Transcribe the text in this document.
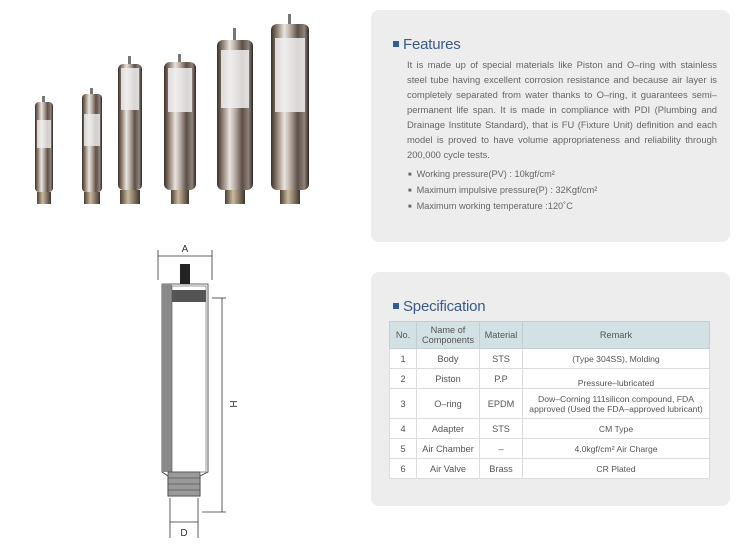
A
H
D
Features
It is made up of special materials like Piston and O–ring with stainless steel tube having excellent corrosion resistance and because air layer is completely separated from water thanks to O–ring, it guarantees semi–permanent life span. It is made in compliance with PDI (Plumbing and Drainage Institute Standard), that is FU (Fixture Unit) definition and each model is proved to have volume appropriateness and reliability through 200,000 cycle tests.
■ Working pressure(PV) : 10kgf/cm²
■ Maximum impulsive pressure(P) : 32Kgf/cm²
■ Maximum working temperature :120˚C
Specification
No.	Name of Components	Material	Remark
1	Body	STS	(Type 304SS), Molding
2	Piston	P.P	Pressure–lubricated
3	O–ring	EPDM	Dow–Corning 111silicon compound, FDA approved (Used the FDA–approved lubricant)
4	Adapter	STS	CM Type
5	Air Chamber	–	4.0kgf/cm² Air Charge
6	Air Valve	Brass	CR Plated
